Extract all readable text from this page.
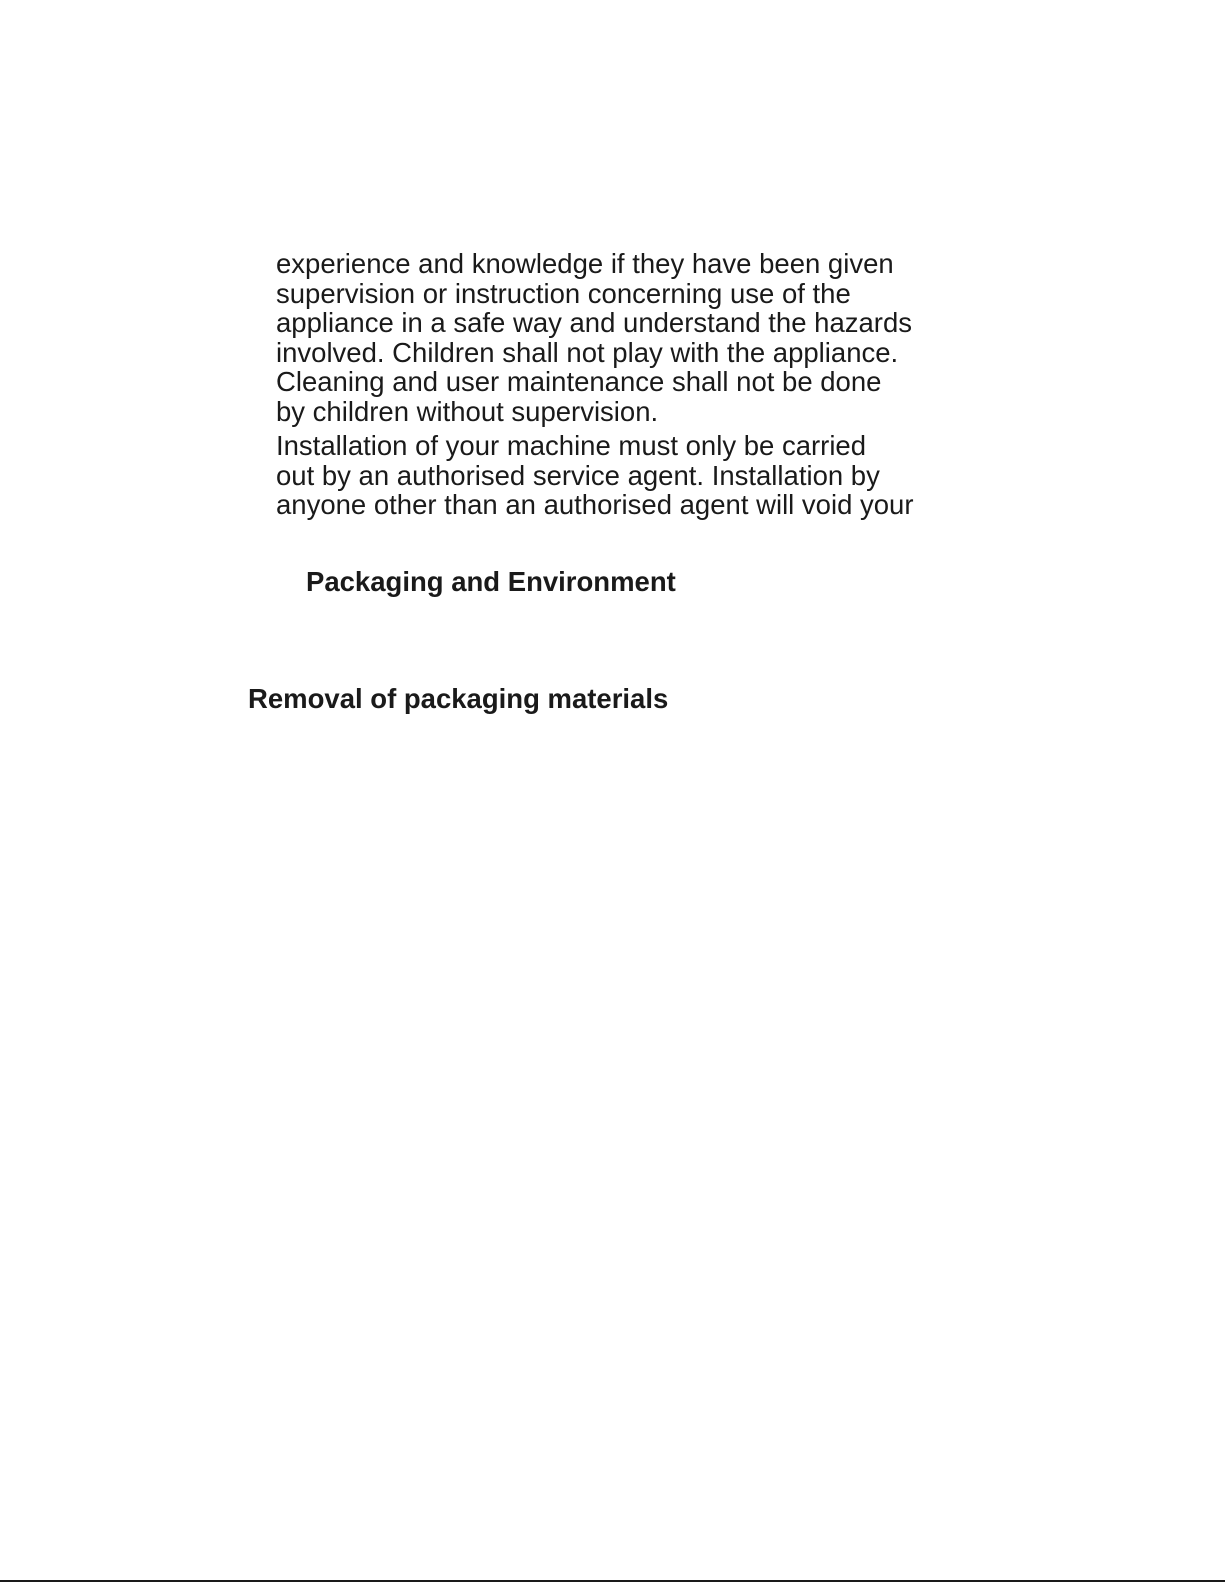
experience and knowledge if they have been given
supervision or instruction concerning use of the
appliance in a safe way and understand the hazards
involved. Children shall not play with the appliance.
Cleaning and user maintenance shall not be done
by children without supervision.

Installation of your machine must only be carried
out by an authorised service agent. Installation by
anyone other than an authorised agent will void your

Packaging and Environment
Removal of packaging materials
